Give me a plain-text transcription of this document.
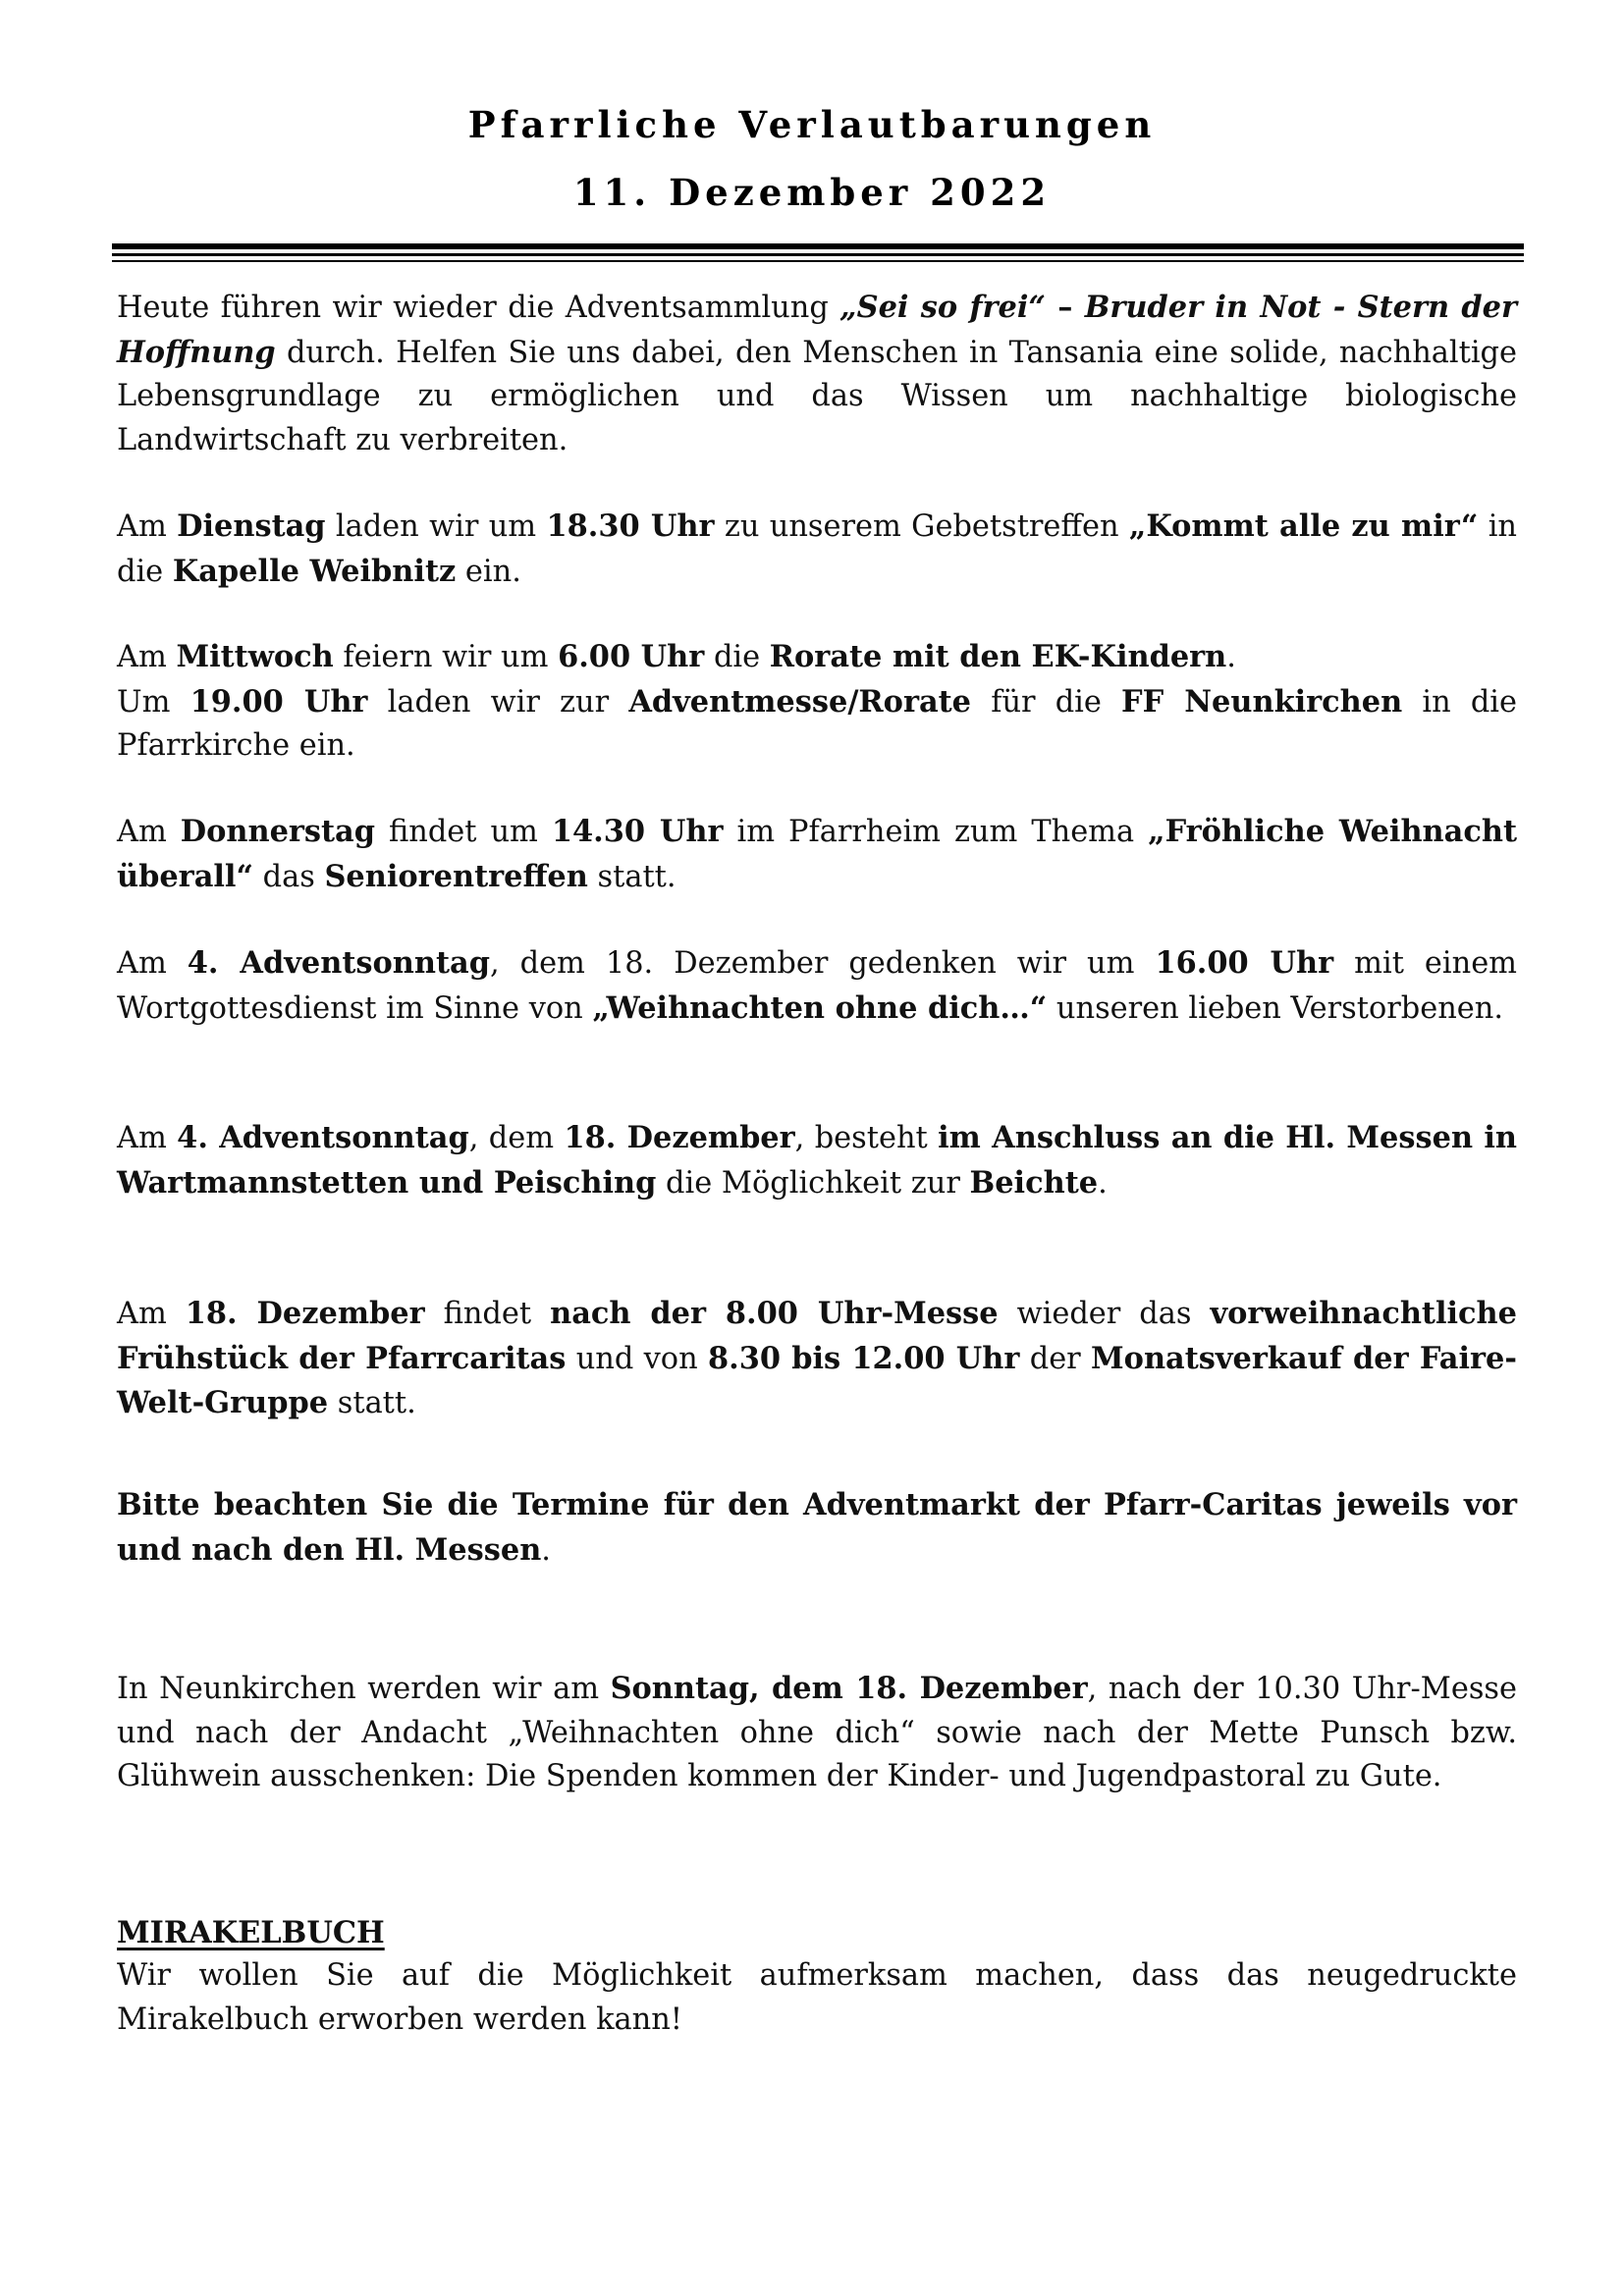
Pfarrliche Verlautbarungen
11. Dezember 2022

Heute führen wir wieder die Adventsammlung „Sei so frei“ – Bruder in Not - Stern der Hoffnung durch. Helfen Sie uns dabei, den Menschen in Tansania eine solide, nachhaltige Lebensgrundlage zu ermöglichen und das Wissen um nachhaltige biologische Landwirtschaft zu verbreiten.

Am Dienstag laden wir um 18.30 Uhr zu unserem Gebetstreffen „Kommt alle zu mir“ in die Kapelle Weibnitz ein.

Am Mittwoch feiern wir um 6.00 Uhr die Rorate mit den EK-Kindern.
Um 19.00 Uhr laden wir zur Adventmesse/Rorate für die FF Neunkirchen in die Pfarrkirche ein.

Am Donnerstag findet um 14.30 Uhr im Pfarrheim zum Thema „Fröhliche Weihnacht überall“ das Seniorentreffen statt.

Am 4. Adventsonntag, dem 18. Dezember gedenken wir um 16.00 Uhr mit einem Wortgottesdienst im Sinne von „Weihnachten ohne dich…“ unseren lieben Verstorbenen.

Am 4. Adventsonntag, dem 18. Dezember, besteht im Anschluss an die Hl. Messen in Wartmannstetten und Peisching die Möglichkeit zur Beichte.

Am 18. Dezember findet nach der 8.00 Uhr-Messe wieder das vorweihnachtliche Frühstück der Pfarrcaritas und von 8.30 bis 12.00 Uhr der Monatsverkauf der Faire-Welt-Gruppe statt.

Bitte beachten Sie die Termine für den Adventmarkt der Pfarr-Caritas jeweils vor und nach den Hl. Messen.

In Neunkirchen werden wir am Sonntag, dem 18. Dezember, nach der 10.30 Uhr-Messe und nach der Andacht „Weihnachten ohne dich“ sowie nach der Mette Punsch bzw. Glühwein ausschenken: Die Spenden kommen der Kinder- und Jugendpastoral zu Gute.

MIRAKELBUCH

Wir wollen Sie auf die Möglichkeit aufmerksam machen, dass das neugedruckte Mirakelbuch erworben werden kann!
